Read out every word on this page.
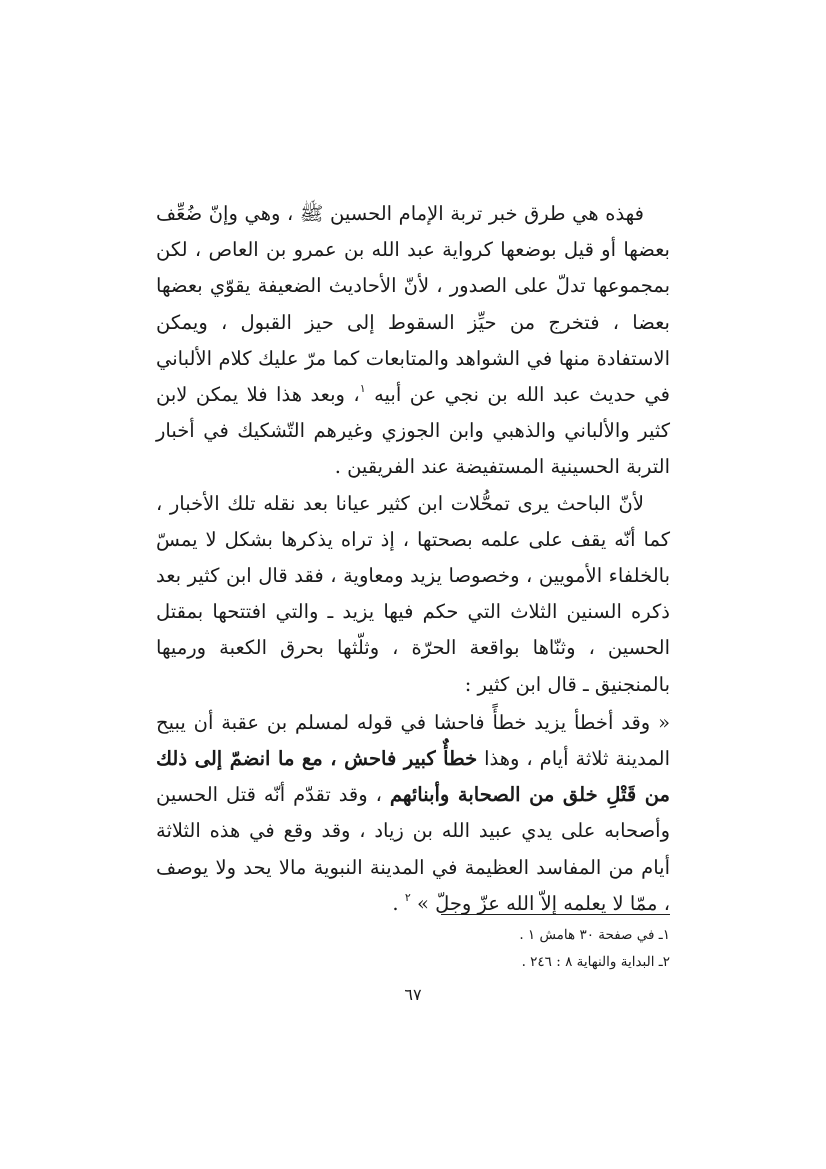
فهذه هي طرق خبر تربة الإمام الحسين ﷺ ، وهي وإنّ ضُعِّف بعضها أو قيل بوضعها كرواية عبد الله بن عمرو بن العاص ، لكن بمجموعها تدلّ على الصدور ، لأنّ الأحاديث الضعيفة يقوّي بعضها بعضا ، فتخرج من حيِّز السقوط إلى حيز القبول ، ويمكن الاستفادة منها في الشواهد والمتابعات كما مرّ عليك كلام الألباني في حديث عبد الله بن نجي عن أبيه $^١$، وبعد هذا فلا يمكن لابن كثير والألباني والذهبي وابن الجوزي وغيرهم التّشكيك في أخبار التربة الحسينية المستفيضة عند الفريقين .

لأنّ الباحث يرى تمحُّلات ابن كثير عيانا بعد نقله تلك الأخبار ، كما أنّه يقف على علمه بصحتها ، إذ تراه يذكرها بشكل لا يمسّ بالخلفاء الأمويين ، وخصوصا يزيد ومعاوية ، فقد قال ابن كثير بعد ذكره السنين الثلاث التي حكم فيها يزيد ـ والتي افتتحها بمقتل الحسين ، وثنّاها بواقعة الحرّة ، وثلّثها بحرق الكعبة ورميها بالمنجنيق ـ قال ابن كثير :

« وقد أخطأ يزيد خطأً فاحشا في قوله لمسلم بن عقبة أن يبيح المدينة ثلاثة أيام ، وهذا خطأٌ كبير فاحش ، مع ما انضمّ إلى ذلك من قَتْلِ خلق من الصحابة وأبنائهم ، وقد تقدّم أنّه قتل الحسين وأصحابه على يدي عبيد الله بن زياد ، وقد وقع في هذه الثلاثة أيام من المفاسد العظيمة في المدينة النبوية مالا يحد ولا يوصف ، ممّا لا يعلمه إلاّ الله عزّ وجلّ » $^٢$ .

١ـ في صفحة ٣٠ هامش ١ .
٢ـ البداية والنهاية ٨ : ٢٤٦ .
٦٧
